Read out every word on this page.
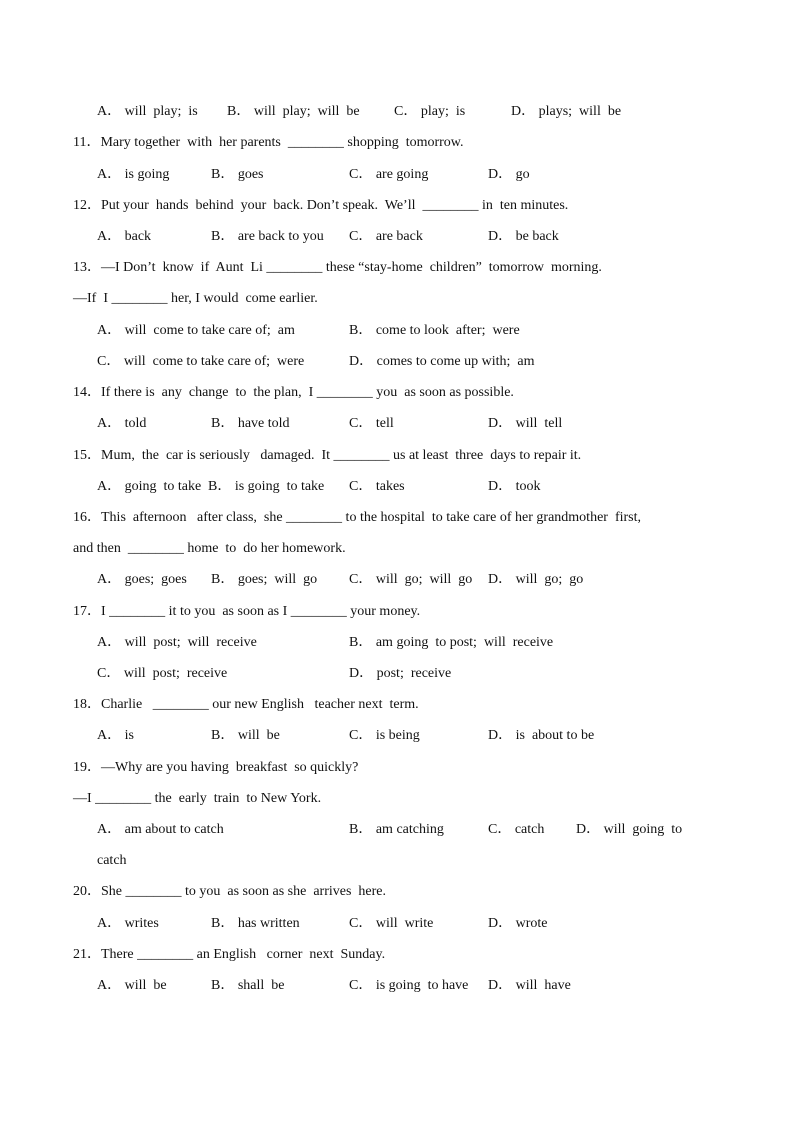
A． will  play;  is B． will  play;  will  be C． play;  is	D． plays;  will  be
11．Mary together  with  her parents  ________ shopping  tomorrow.
A． is going	B． goes	C． are going	D． go
12．Put your  hands  behind  your  back. Don’t speak.  We’ll  ________ in  ten minutes.
A． back	B． are back to you C． are back	D． be back
13．—I Don’t  know  if  Aunt  Li ________ these “stay-home  children”  tomorrow  morning.
—If  I ________ her, I would  come earlier.
A． will  come to take care of;  am	B． come to look  after;  were
C． will  come to take care of;  were	D． comes to come up with;  am
14．If there is  any  change  to  the plan,  I ________ you  as soon as possible.
A． told	B． have told	C． tell	D． will  tell
15．Mum,  the  car is seriously   damaged.  It ________ us at least  three  days to repair it.
A． going  to take B． is going  to take C． takes	D． took
16．This  afternoon   after class,  she ________ to the hospital  to take care of her grandmother  first,
and then  ________ home  to  do her homework.
A． goes;  goes B． goes;  will  go C． will  go;  will  go D． will  go;  go
17．I ________ it to you  as soon as I ________ your money.
A． will  post;  will  receive	B． am going  to post;  will  receive
C． will  post;  receive	D． post;  receive
18．Charlie   ________ our new English   teacher next  term.
A． is	B． will  be	C． is being	D． is  about to be
19．—Why are you having  breakfast  so quickly?
—I ________ the  early  train  to New York.
A． am about to catch	B． am catching	C． catch D． will  going  to
catch
20．She ________ to you  as soon as she  arrives  here.
A． writes	B． has written	C． will  write	D． wrote
21．There ________ an English   corner  next  Sunday.
A． will  be	B． shall  be	C． is going  to have D． will  have
